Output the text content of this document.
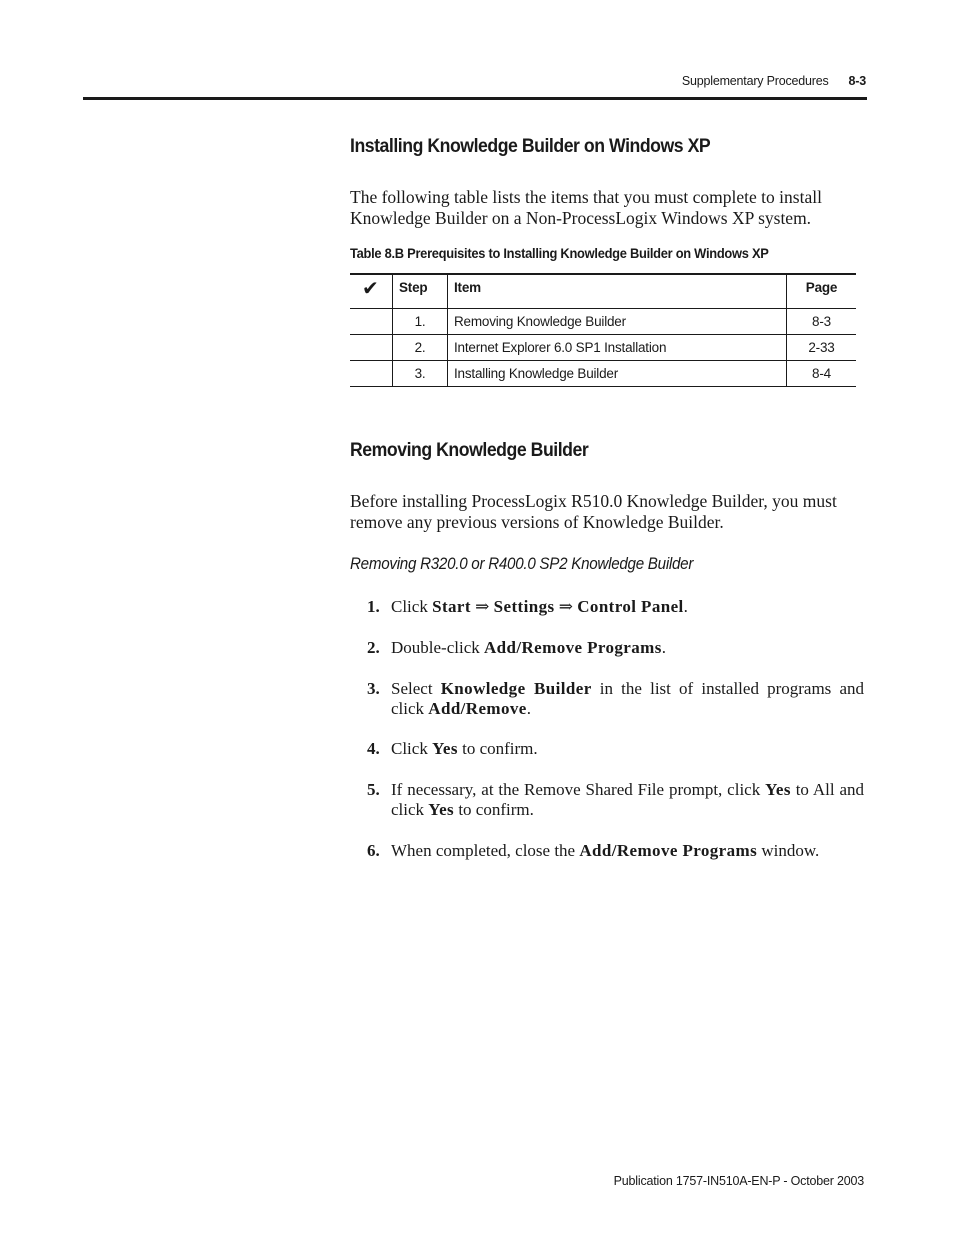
Supplementary Procedures 8-3
Installing Knowledge Builder on Windows XP

The following table lists the items that you must complete to install Knowledge Builder on a Non-ProcessLogix Windows XP system.

Table 8.B Prerequisites to Installing Knowledge Builder on Windows XP
✔	Step	Item	Page
	1.	Removing Knowledge Builder	8-3
	2.	Internet Explorer 6.0 SP1 Installation	2-33
	3.	Installing Knowledge Builder	8-4
Removing Knowledge Builder

Before installing ProcessLogix R510.0 Knowledge Builder, you must remove any previous versions of Knowledge Builder.

Removing R320.0 or R400.0 SP2 Knowledge Builder
1. Click Start ⇒ Settings ⇒ Control Panel.
2. Double-click Add/Remove Programs.
3. Select Knowledge Builder in the list of installed programs and click Add/Remove.
4. Click Yes to confirm.
5. If necessary, at the Remove Shared File prompt, click Yes to All and click Yes to confirm.
6. When completed, close the Add/Remove Programs window.
Publication 1757-IN510A-EN-P - October 2003
